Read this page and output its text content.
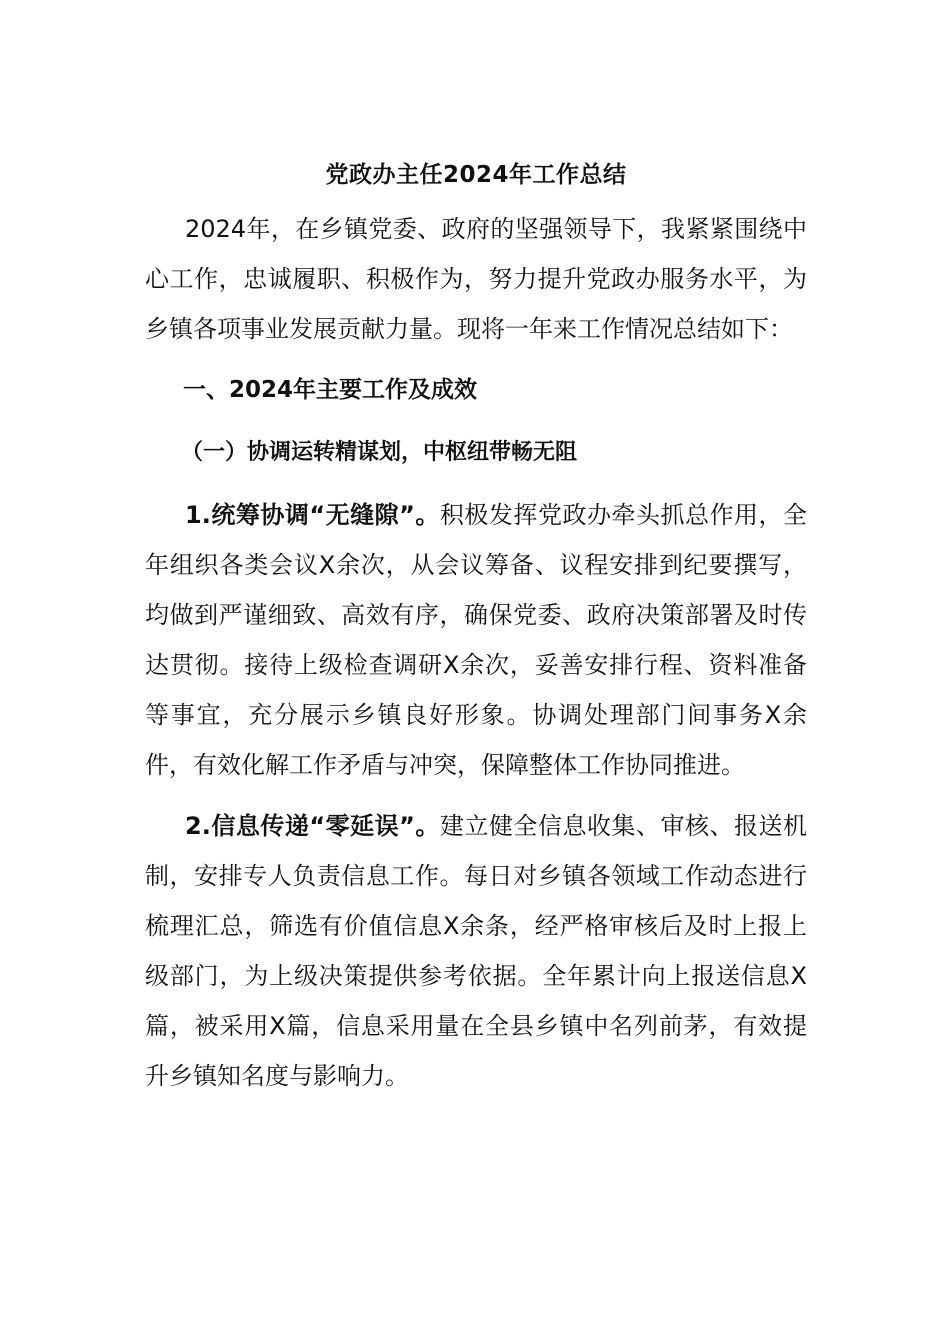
党政办主任2024年工作总结

2024年，在乡镇党委、政府的坚强领导下，我紧紧围绕中心工作，忠诚履职、积极作为，努力提升党政办服务水平，为乡镇各项事业发展贡献力量。现将一年来工作情况总结如下：

一、2024年主要工作及成效
（一）协调运转精谋划，中枢纽带畅无阻

1.统筹协调“无缝隙”。积极发挥党政办牵头抓总作用，全年组织各类会议X余次，从会议筹备、议程安排到纪要撰写，均做到严谨细致、高效有序，确保党委、政府决策部署及时传达贯彻。接待上级检查调研X余次，妥善安排行程、资料准备等事宜，充分展示乡镇良好形象。协调处理部门间事务X余件，有效化解工作矛盾与冲突，保障整体工作协同推进。

2.信息传递“零延误”。建立健全信息收集、审核、报送机制，安排专人负责信息工作。每日对乡镇各领域工作动态进行梳理汇总，筛选有价值信息X余条，经严格审核后及时上报上级部门，为上级决策提供参考依据。全年累计向上报送信息X篇，被采用X篇，信息采用量在全县乡镇中名列前茅，有效提升乡镇知名度与影响力。
